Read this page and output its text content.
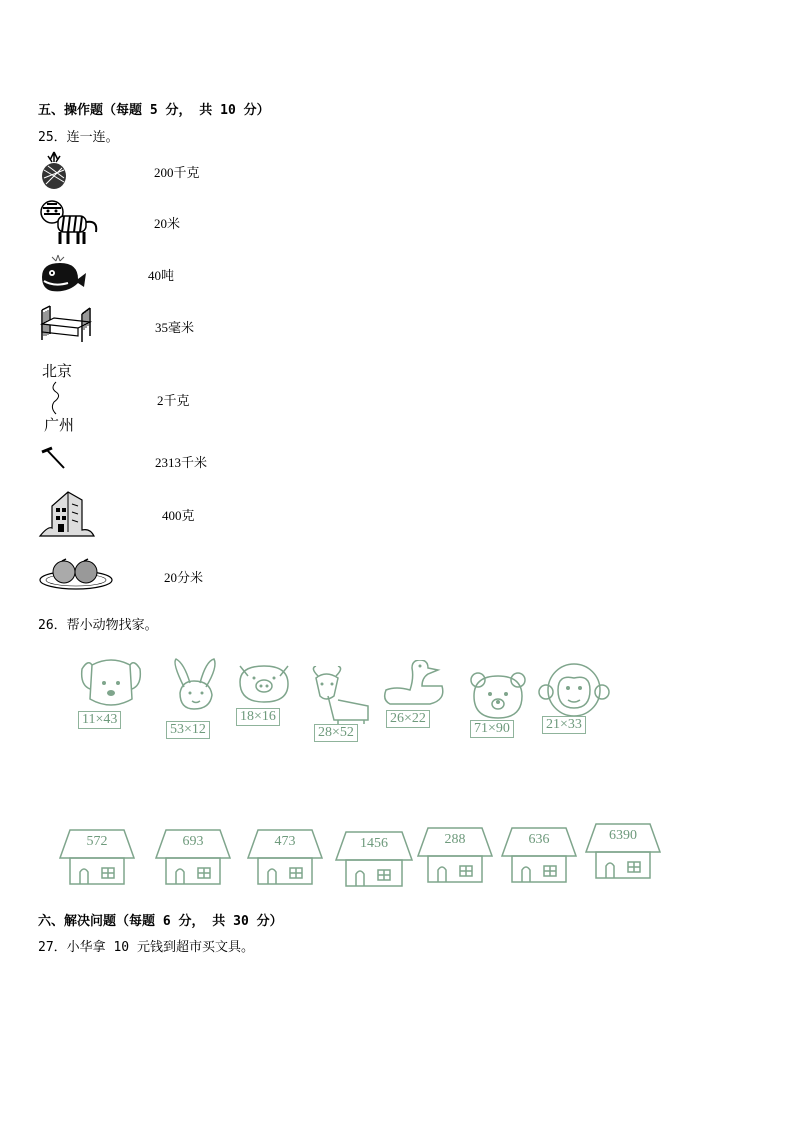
五、操作题（每题 5 分， 共 10 分）
25．连一连。
200千克
20米
40吨
35毫米
北京
广州
2千克
2313千米
400克
20分米
26．帮小动物找家。
11×43
53×12
18×16
28×52
26×22
71×90	21×33
572	693	473	1456	288	636	6390
六、解决问题（每题 6 分， 共 30 分）
27．小华拿 10 元钱到超市买文具。
